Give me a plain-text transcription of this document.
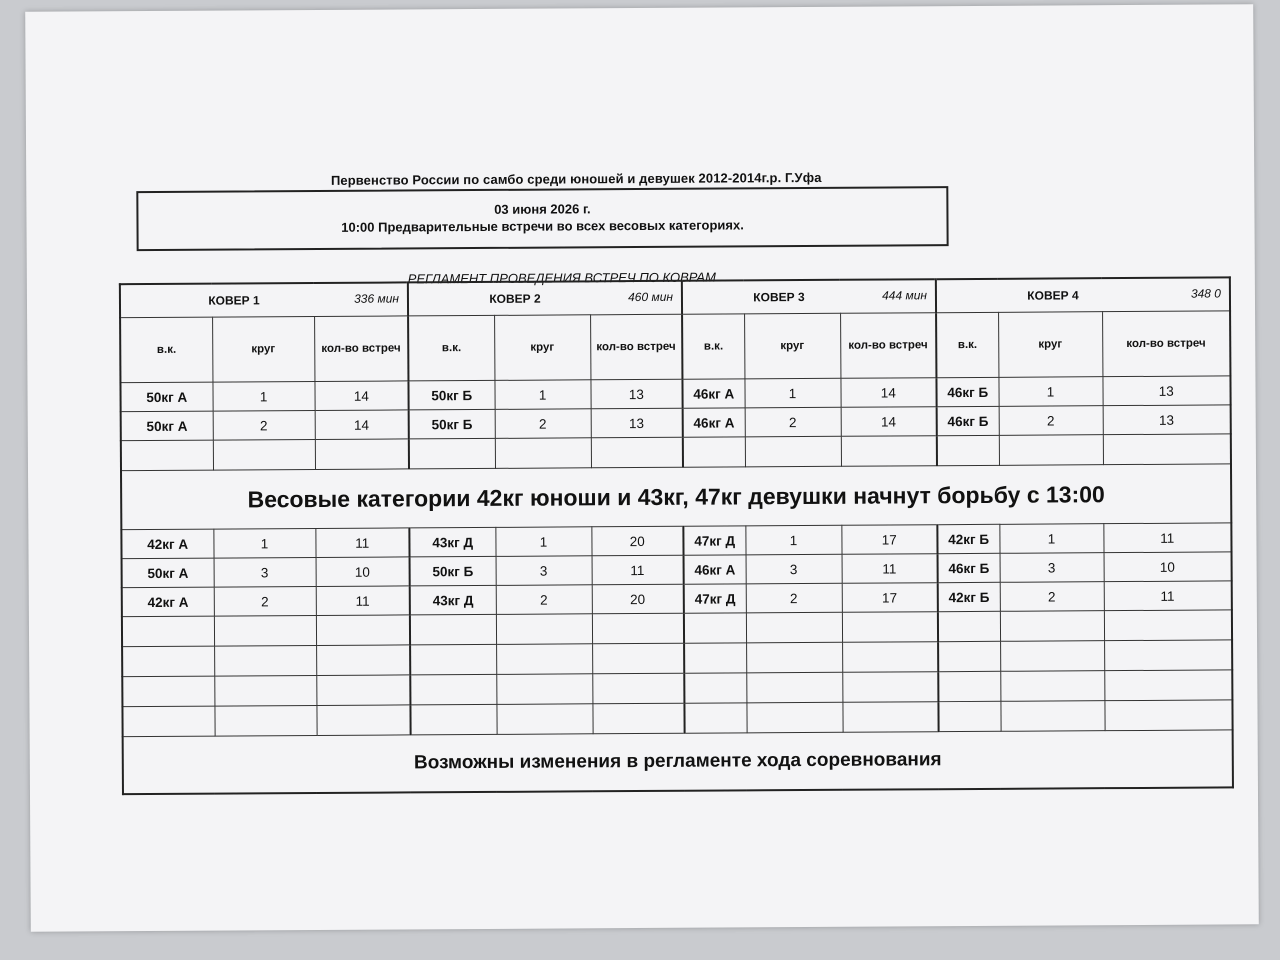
Первенство России по самбо среди юношей и девушек 2012-2014г.р. Г.Уфа
03 июня 2026 г.
10:00 Предварительные встречи во всех весовых категориях.
РЕГЛАМЕНТ ПРОВЕДЕНИЯ ВСТРЕЧ ПО КОВРАМ
КОВЕР 1 336 мин			КОВЕР 2 460 мин			КОВЕР 3 444 мин			КОВЕР 4 348 0		

в.к.	круг	кол-во встреч	в.к.	круг	кол-во встреч	в.к.	круг	кол-во встреч	в.к.	круг	кол-во встреч
50кг А	1	14	50кг Б	1	13	46кг А	1	14	46кг Б	1	13
50кг А	2	14	50кг Б	2	13	46кг А	2	14	46кг Б	2	13

Весовые категории 42кг юноши и 43кг, 47кг девушки начнут борьбу с 13:00											
42кг А	1	11	43кг Д	1	20	47кг Д	1	17	42кг Б	1	11
50кг А	3	10	50кг Б	3	11	46кг А	3	11	46кг Б	3	10
42кг А	2	11	43кг Д	2	20	47кг Д	2	17	42кг Б	2	11

Возможны изменения в регламенте хода соревнования											
